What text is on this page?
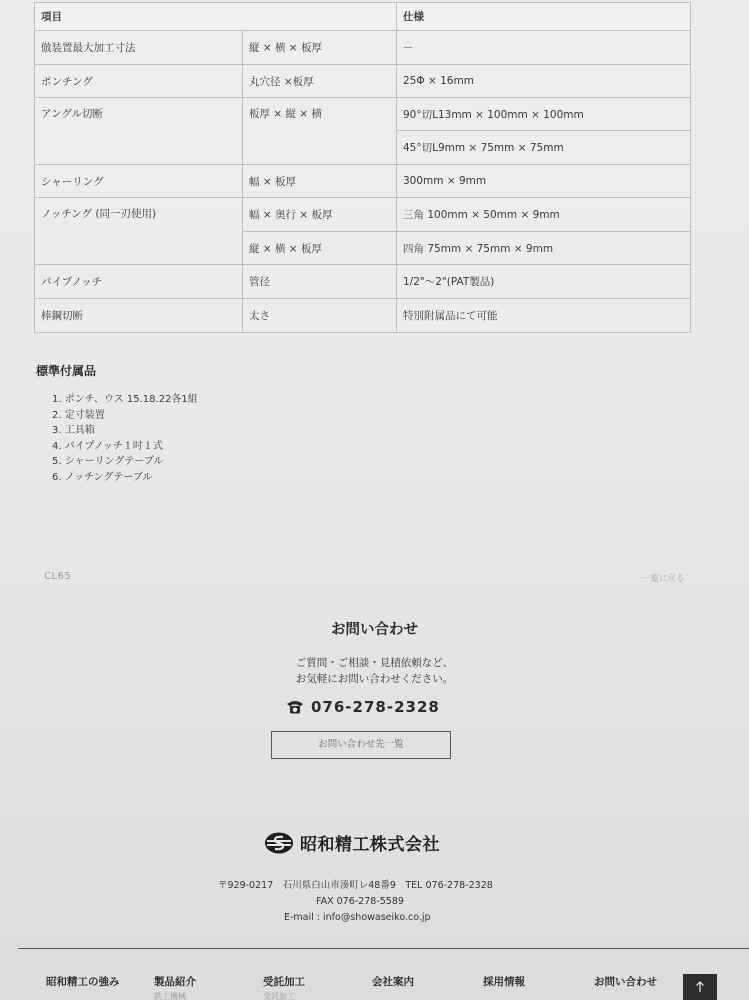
項目		仕様
倣装置最大加工寸法	縦 × 横 × 板厚	－
ポンチング	丸穴径 ×板厚	25Φ × 16mm
アングル切断	板厚 × 縦 × 横	90°切L13mm × 100mm × 100mm
		45°切L9mm × 75mm × 75mm
シャーリング	幅 × 板厚	300mm × 9mm
ノッチング (同一刃使用)	幅 × 奥行 × 板厚	三角 100mm × 50mm × 9mm
	縦 × 横 × 板厚	四角 75mm × 75mm × 9mm
パイプノッチ	管径	1/2"～2"(PAT製品)
棒鋼切断	太さ	特別附属品にて可能
標準付属品
1. ポンチ、ウス 15.18.22各1組
2. 定寸装置
3. 工具箱
4. パイプノッチ１吋１式
5. シャーリングテーブル
6. ノッチングテーブル
CL65	一覧に戻る
お問い合わせ
ご質問・ご相談・見積依頼など、
お気軽にお問い合わせください。
076-278-2328
お問い合わせ先一覧
昭和精工株式会社
〒929-0217　石川県白山市湊町レ48番9　TEL 076-278-2328
FAX 076-278-5589
E-mail : info@showaseiko.co.jp
昭和精工の強み	製品紹介
鉄工機械
受託加工
受託加工
会社案内	採用情報	お問い合わせ
